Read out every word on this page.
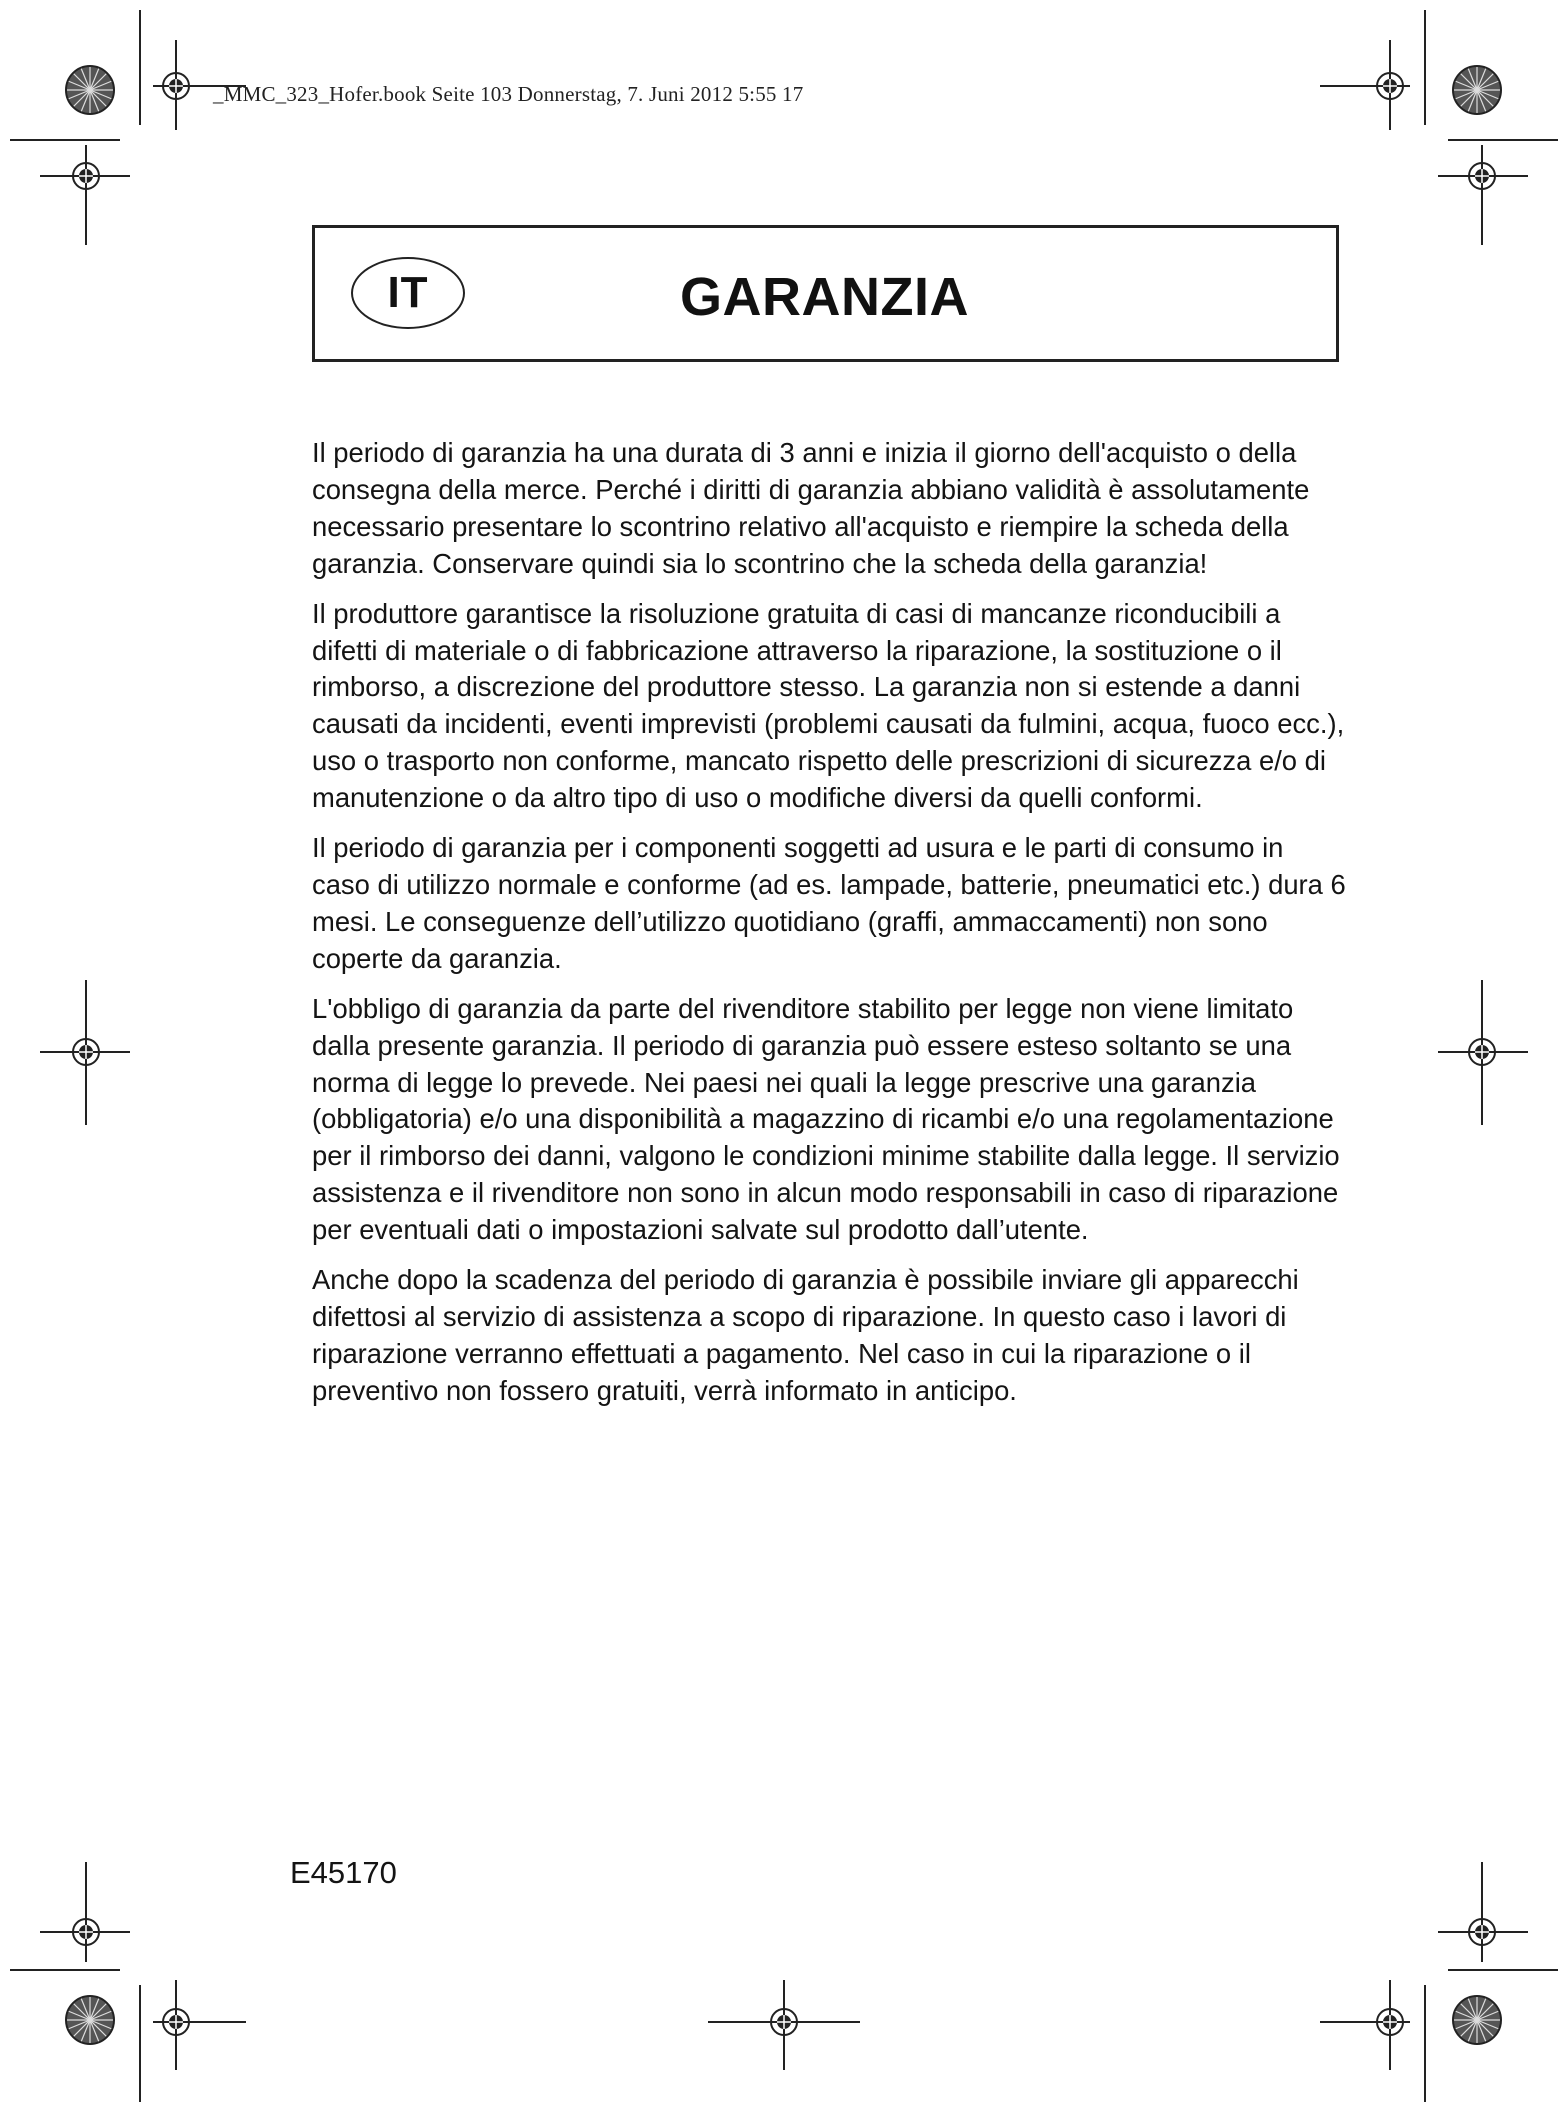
_MMC_323_Hofer.book Seite 103 Donnerstag, 7. Juni 2012 5:55 17
IT	GARANZIA

Il periodo di garanzia ha una durata di 3 anni e inizia il giorno dell'acquisto o della consegna della merce. Perché i diritti di garanzia abbiano validità è assolutamente necessario presentare lo scontrino relativo all'acquisto e riempire la scheda della garanzia. Conservare quindi sia lo scontrino che la scheda della garanzia!

Il produttore garantisce la risoluzione gratuita di casi di mancanze riconducibili a difetti di materiale o di fabbricazione attraverso la riparazione, la sostituzione o il rimborso, a discrezione del produttore stesso. La garanzia non si estende a danni causati da incidenti, eventi imprevisti (problemi causati da fulmini, acqua, fuoco ecc.), uso o trasporto non conforme, mancato rispetto delle prescrizioni di sicurezza e/o di manutenzione o da altro tipo di uso o modifiche diversi da quelli conformi.

Il periodo di garanzia per i componenti soggetti ad usura e le parti di consumo in caso di utilizzo normale e conforme (ad es. lampade, batterie, pneumatici etc.) dura 6 mesi. Le conseguenze dell’utilizzo quotidiano (graffi, ammaccamenti) non sono coperte da garanzia.

L'obbligo di garanzia da parte del rivenditore stabilito per legge non viene limitato dalla presente garanzia. Il periodo di garanzia può essere esteso soltanto se una norma di legge lo prevede. Nei paesi nei quali la legge prescrive una garanzia (obbligatoria) e/o una disponibilità a magazzino di ricambi e/o una regolamentazione per il rimborso dei danni, valgono le condizioni minime stabilite dalla legge. Il servizio assistenza e il rivenditore non sono in alcun modo responsabili in caso di riparazione per eventuali dati o impostazioni salvate sul prodotto dall’utente.

Anche dopo la scadenza del periodo di garanzia è possibile inviare gli apparecchi difettosi al servizio di assistenza a scopo di riparazione. In questo caso i lavori di riparazione verranno effettuati a pagamento. Nel caso in cui la riparazione o il preventivo non fossero gratuiti, verrà informato in anticipo.

E45170
